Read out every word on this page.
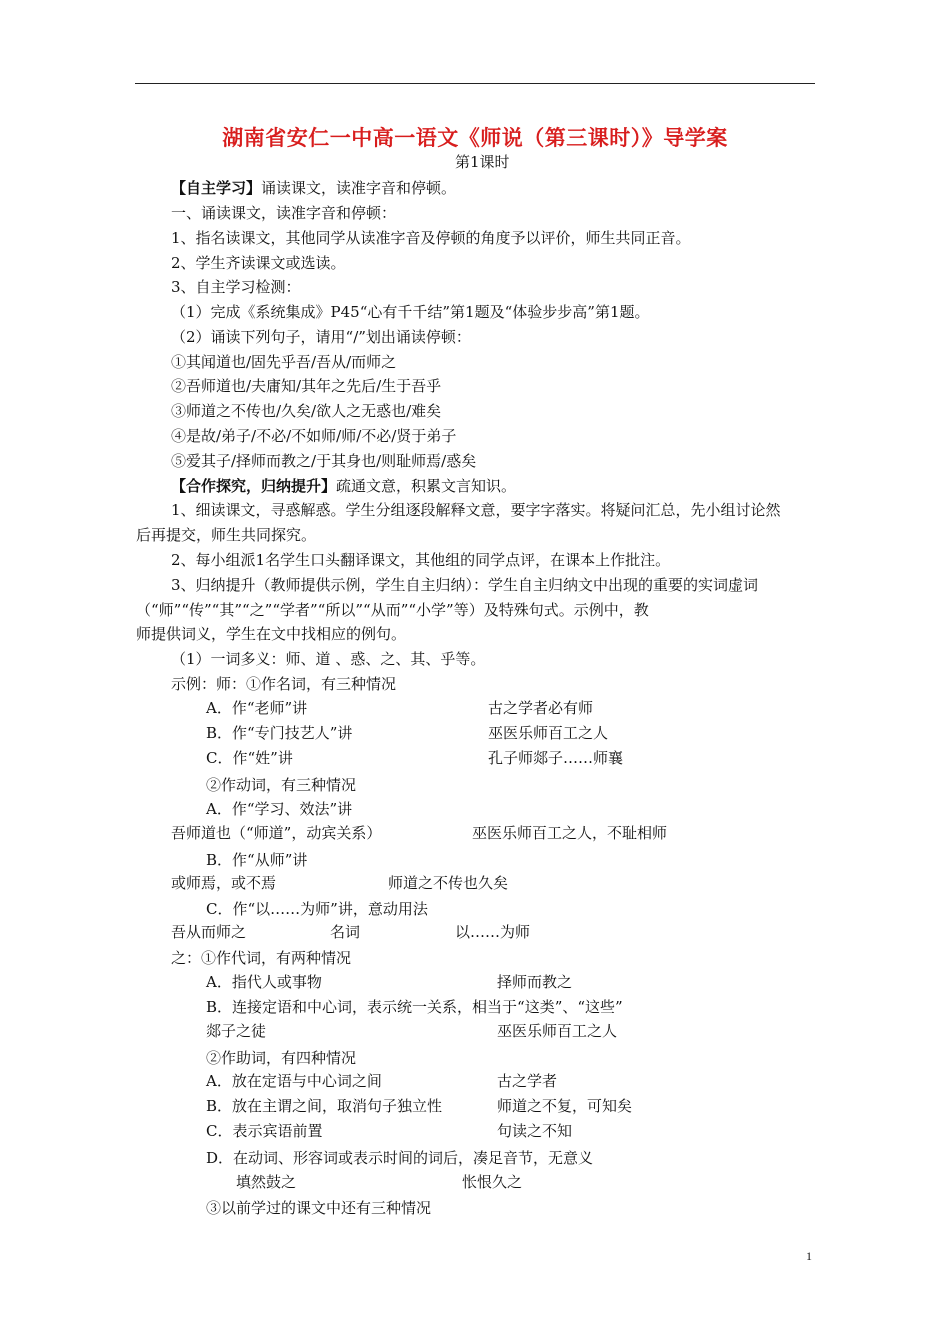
湖南省安仁一中高一语文《师说（第三课时）》导学案
第1课时
【自主学习】诵读课文，读准字音和停顿。
一、诵读课文，读准字音和停顿：
1、指名读课文，其他同学从读准字音及停顿的角度予以评价，师生共同正音。
2、学生齐读课文或选读。
3、自主学习检测：
（1）完成《系统集成》P45“心有千千结”第1题及“体验步步高”第1题。
（2）诵读下列句子，请用“/”划出诵读停顿：
①其闻道也/固先乎吾/吾从/而师之
②吾师道也/夫庸知/其年之先后/生于吾乎
③师道之不传也/久矣/欲人之无惑也/难矣
④是故/弟子/不必/不如师/师/不必/贤于弟子
⑤爱其子/择师而教之/于其身也/则耻师焉/惑矣
【合作探究，归纳提升】疏通文意，积累文言知识。
1、细读课文，寻惑解惑。学生分组逐段解释文意，要字字落实。将疑问汇总，先小组讨论然
后再提交，师生共同探究。
2、每小组派1名学生口头翻译课文，其他组的同学点评，在课本上作批注。
3、归纳提升（教师提供示例，学生自主归纳）：学生自主归纳文中出现的重要的实词虚词
（“师”“传”“其”“之”“学者”“所以”“从而”“小学”等）及特殊句式。示例中，教
师提供词义，学生在文中找相应的例句。
（1）一词多义：师、道 、惑、之、其、乎等。
示例：师：①作名词，有三种情况
A．作“老师”讲	古之学者必有师
B．作“专门技艺人”讲	巫医乐师百工之人
C．作“姓”讲	孔子师郯子……师襄
②作动词，有三种情况
A．作“学习、效法”讲
吾师道也（“师道”，动宾关系）	巫医乐师百工之人，不耻相师
B．作“从师”讲
或师焉，或不焉	师道之不传也久矣
C．作“以……为师”讲，意动用法
吾从而师之	名词	以……为师
之：①作代词，有两种情况
A．指代人或事物	择师而教之
B．连接定语和中心词，表示统一关系，相当于“这类”、“这些”
郯子之徒	巫医乐师百工之人
②作助词，有四种情况
A．放在定语与中心词之间	古之学者
B．放在主谓之间，取消句子独立性	师道之不复，可知矣
C．表示宾语前置	句读之不知
D．在动词、形容词或表示时间的词后，凑足音节，无意义
填然鼓之	怅恨久之
③以前学过的课文中还有三种情况
1
